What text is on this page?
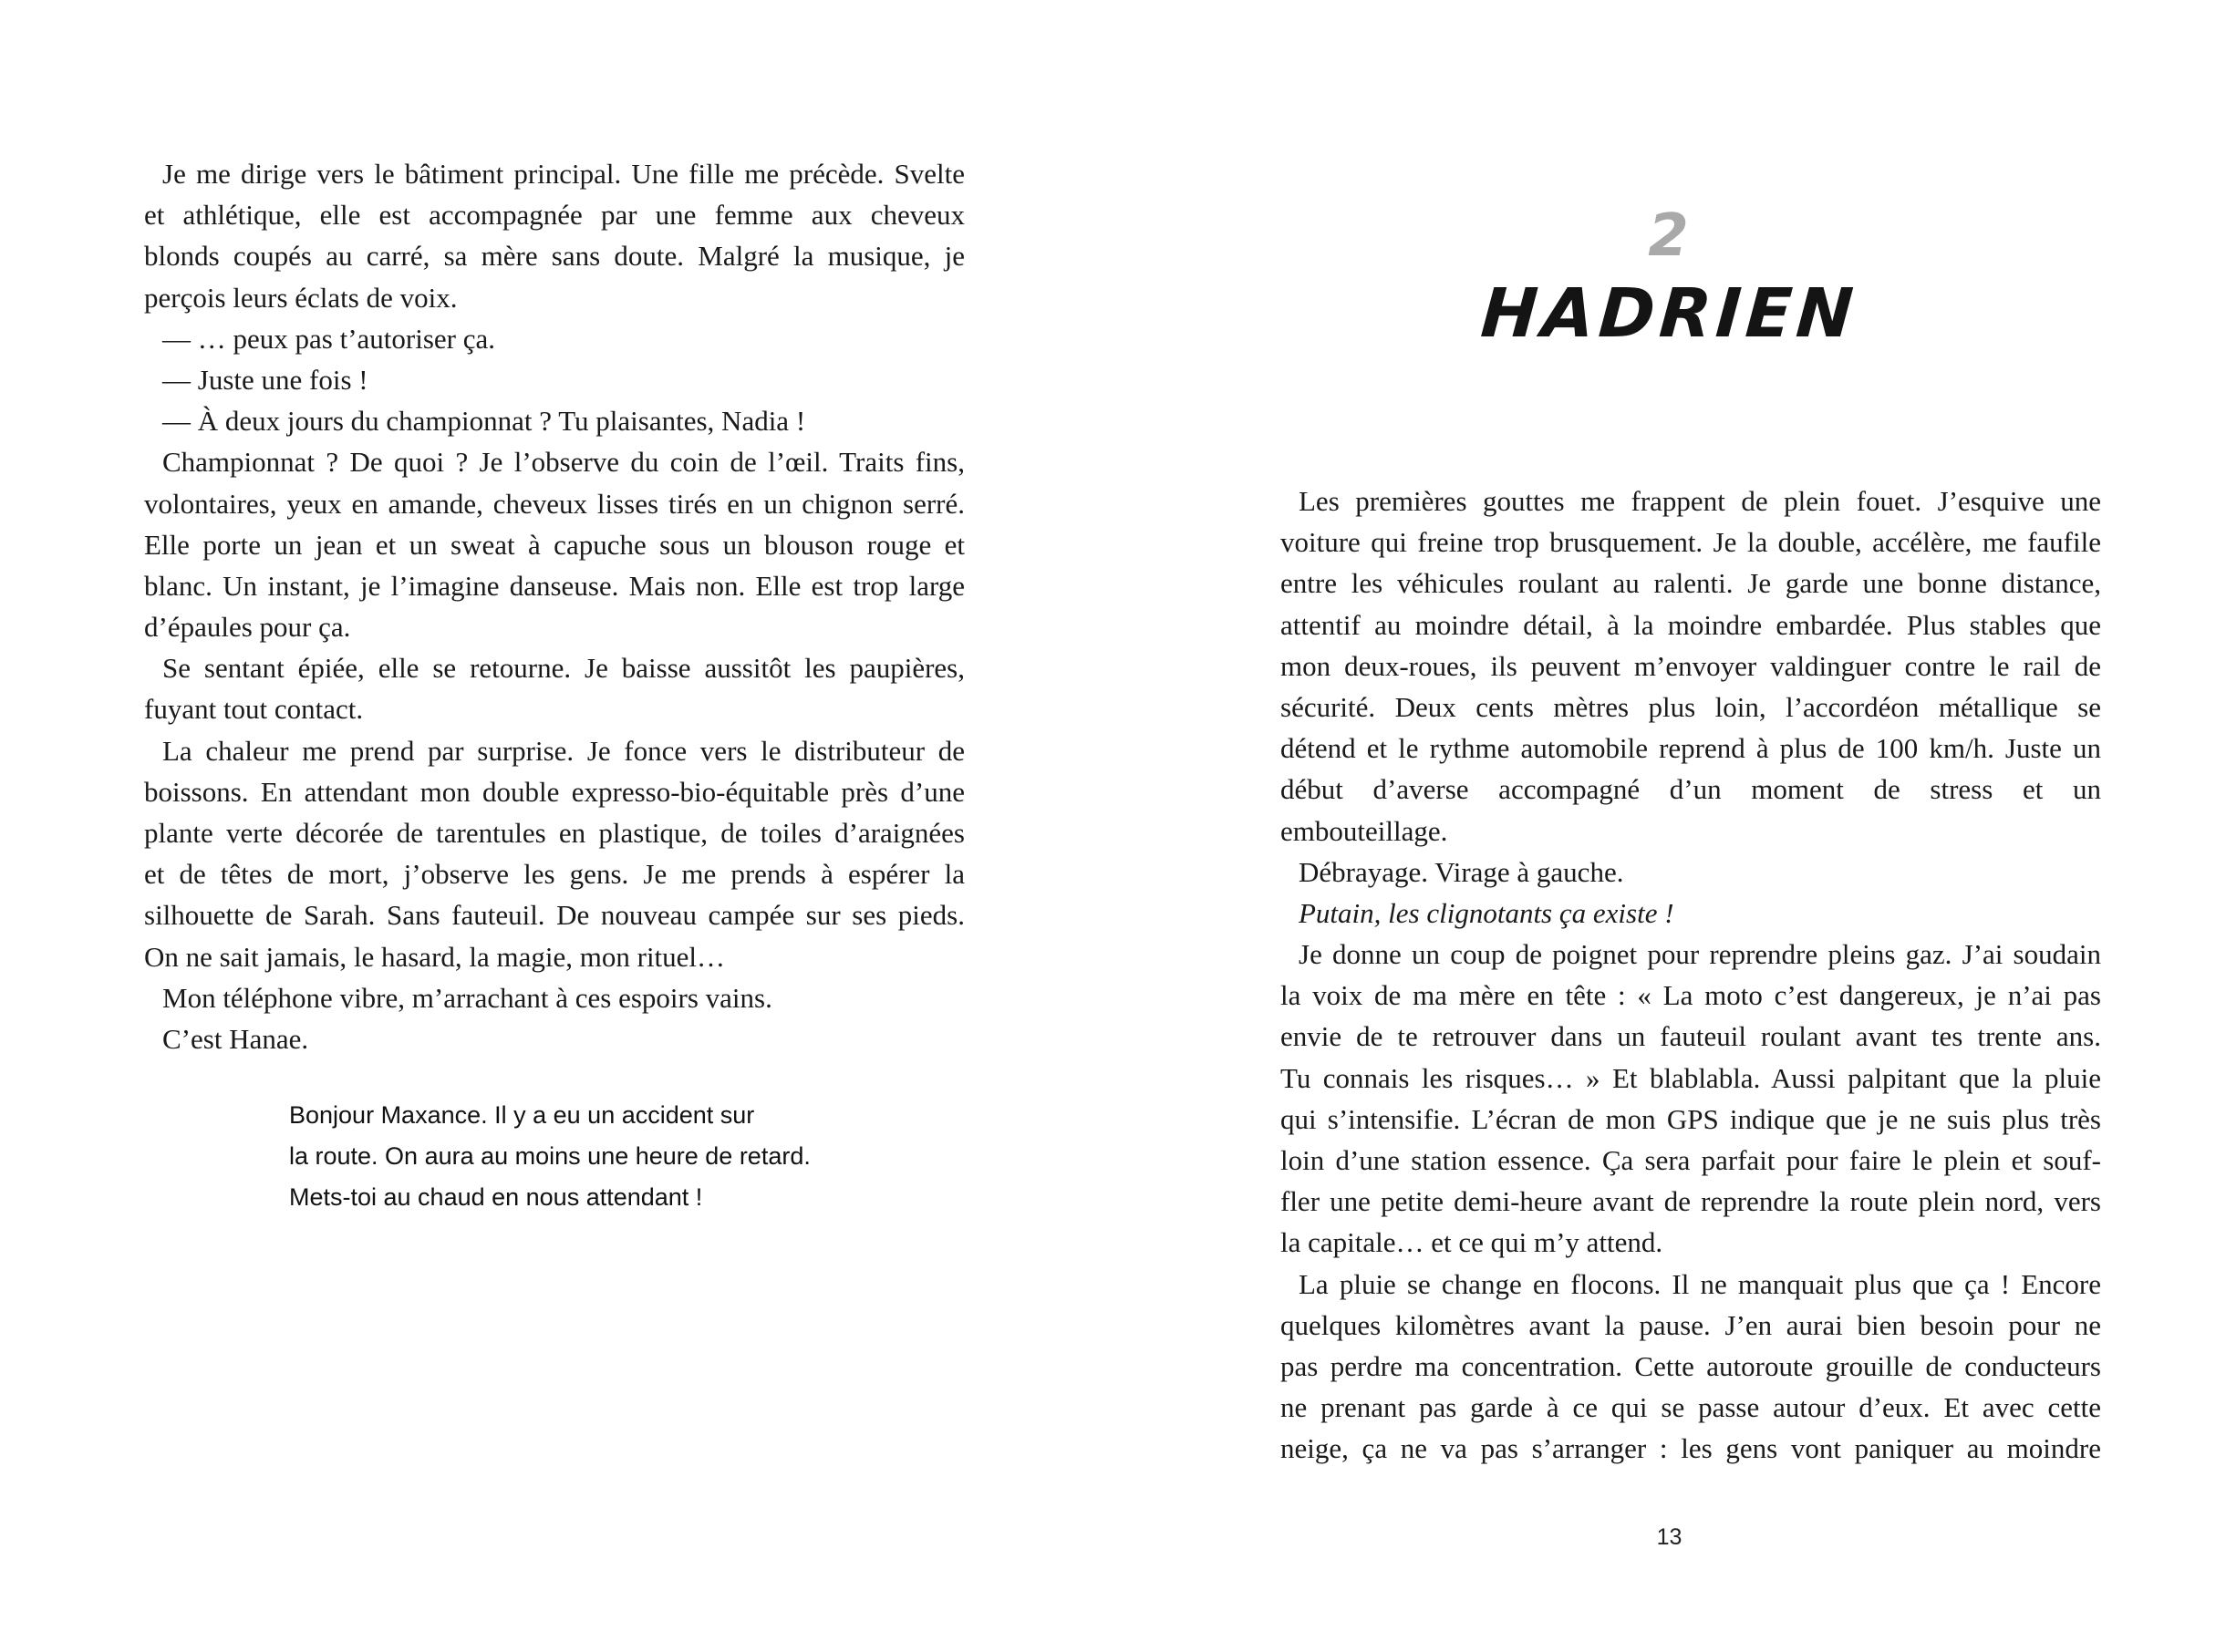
Je me dirige vers le bâtiment principal. Une fille me précède. Svelte
et athlétique, elle est accompagnée par une femme aux cheveux
blonds coupés au carré, sa mère sans doute. Malgré la musique, je
perçois leurs éclats de voix.
— … peux pas t’autoriser ça.
— Juste une fois !
— À deux jours du championnat ? Tu plaisantes, Nadia !
Championnat ? De quoi ? Je l’observe du coin de l’œil. Traits fins,
volontaires, yeux en amande, cheveux lisses tirés en un chignon serré.
Elle porte un jean et un sweat à capuche sous un blouson rouge et
blanc. Un instant, je l’imagine danseuse. Mais non. Elle est trop large
d’épaules pour ça.
Se sentant épiée, elle se retourne. Je baisse aussitôt les paupières,
fuyant tout contact.
La chaleur me prend par surprise. Je fonce vers le distributeur de
boissons. En attendant mon double expresso-bio-équitable près d’une
plante verte décorée de tarentules en plastique, de toiles d’araignées
et de têtes de mort, j’observe les gens. Je me prends à espérer la
silhouette de Sarah. Sans fauteuil. De nouveau campée sur ses pieds.
On ne sait jamais, le hasard, la magie, mon rituel…
Mon téléphone vibre, m’arrachant à ces espoirs vains.
C’est Hanae.
Bonjour Maxance. Il y a eu un accident sur
la route. On aura au moins une heure de retard.
Mets-toi au chaud en nous attendant !
2
HADRIEN
Les premières gouttes me frappent de plein fouet. J’esquive une
voiture qui freine trop brusquement. Je la double, accélère, me faufile
entre les véhicules roulant au ralenti. Je garde une bonne distance,
attentif au moindre détail, à la moindre embardée. Plus stables que
mon deux-roues, ils peuvent m’envoyer valdinguer contre le rail de
sécurité. Deux cents mètres plus loin, l’accordéon métallique se
détend et le rythme automobile reprend à plus de 100 km/h. Juste un
début d’averse accompagné d’un moment de stress et un
embouteillage.
Débrayage. Virage à gauche.
Putain, les clignotants ça existe !
Je donne un coup de poignet pour reprendre pleins gaz. J’ai soudain
la voix de ma mère en tête : « La moto c’est dangereux, je n’ai pas
envie de te retrouver dans un fauteuil roulant avant tes trente ans.
Tu connais les risques… » Et blablabla. Aussi palpitant que la pluie
qui s’intensifie. L’écran de mon GPS indique que je ne suis plus très
loin d’une station essence. Ça sera parfait pour faire le plein et souf-
fler une petite demi-heure avant de reprendre la route plein nord, vers
la capitale… et ce qui m’y attend.
La pluie se change en flocons. Il ne manquait plus que ça ! Encore
quelques kilomètres avant la pause. J’en aurai bien besoin pour ne
pas perdre ma concentration. Cette autoroute grouille de conducteurs
ne prenant pas garde à ce qui se passe autour d’eux. Et avec cette
neige, ça ne va pas s’arranger : les gens vont paniquer au moindre
13
